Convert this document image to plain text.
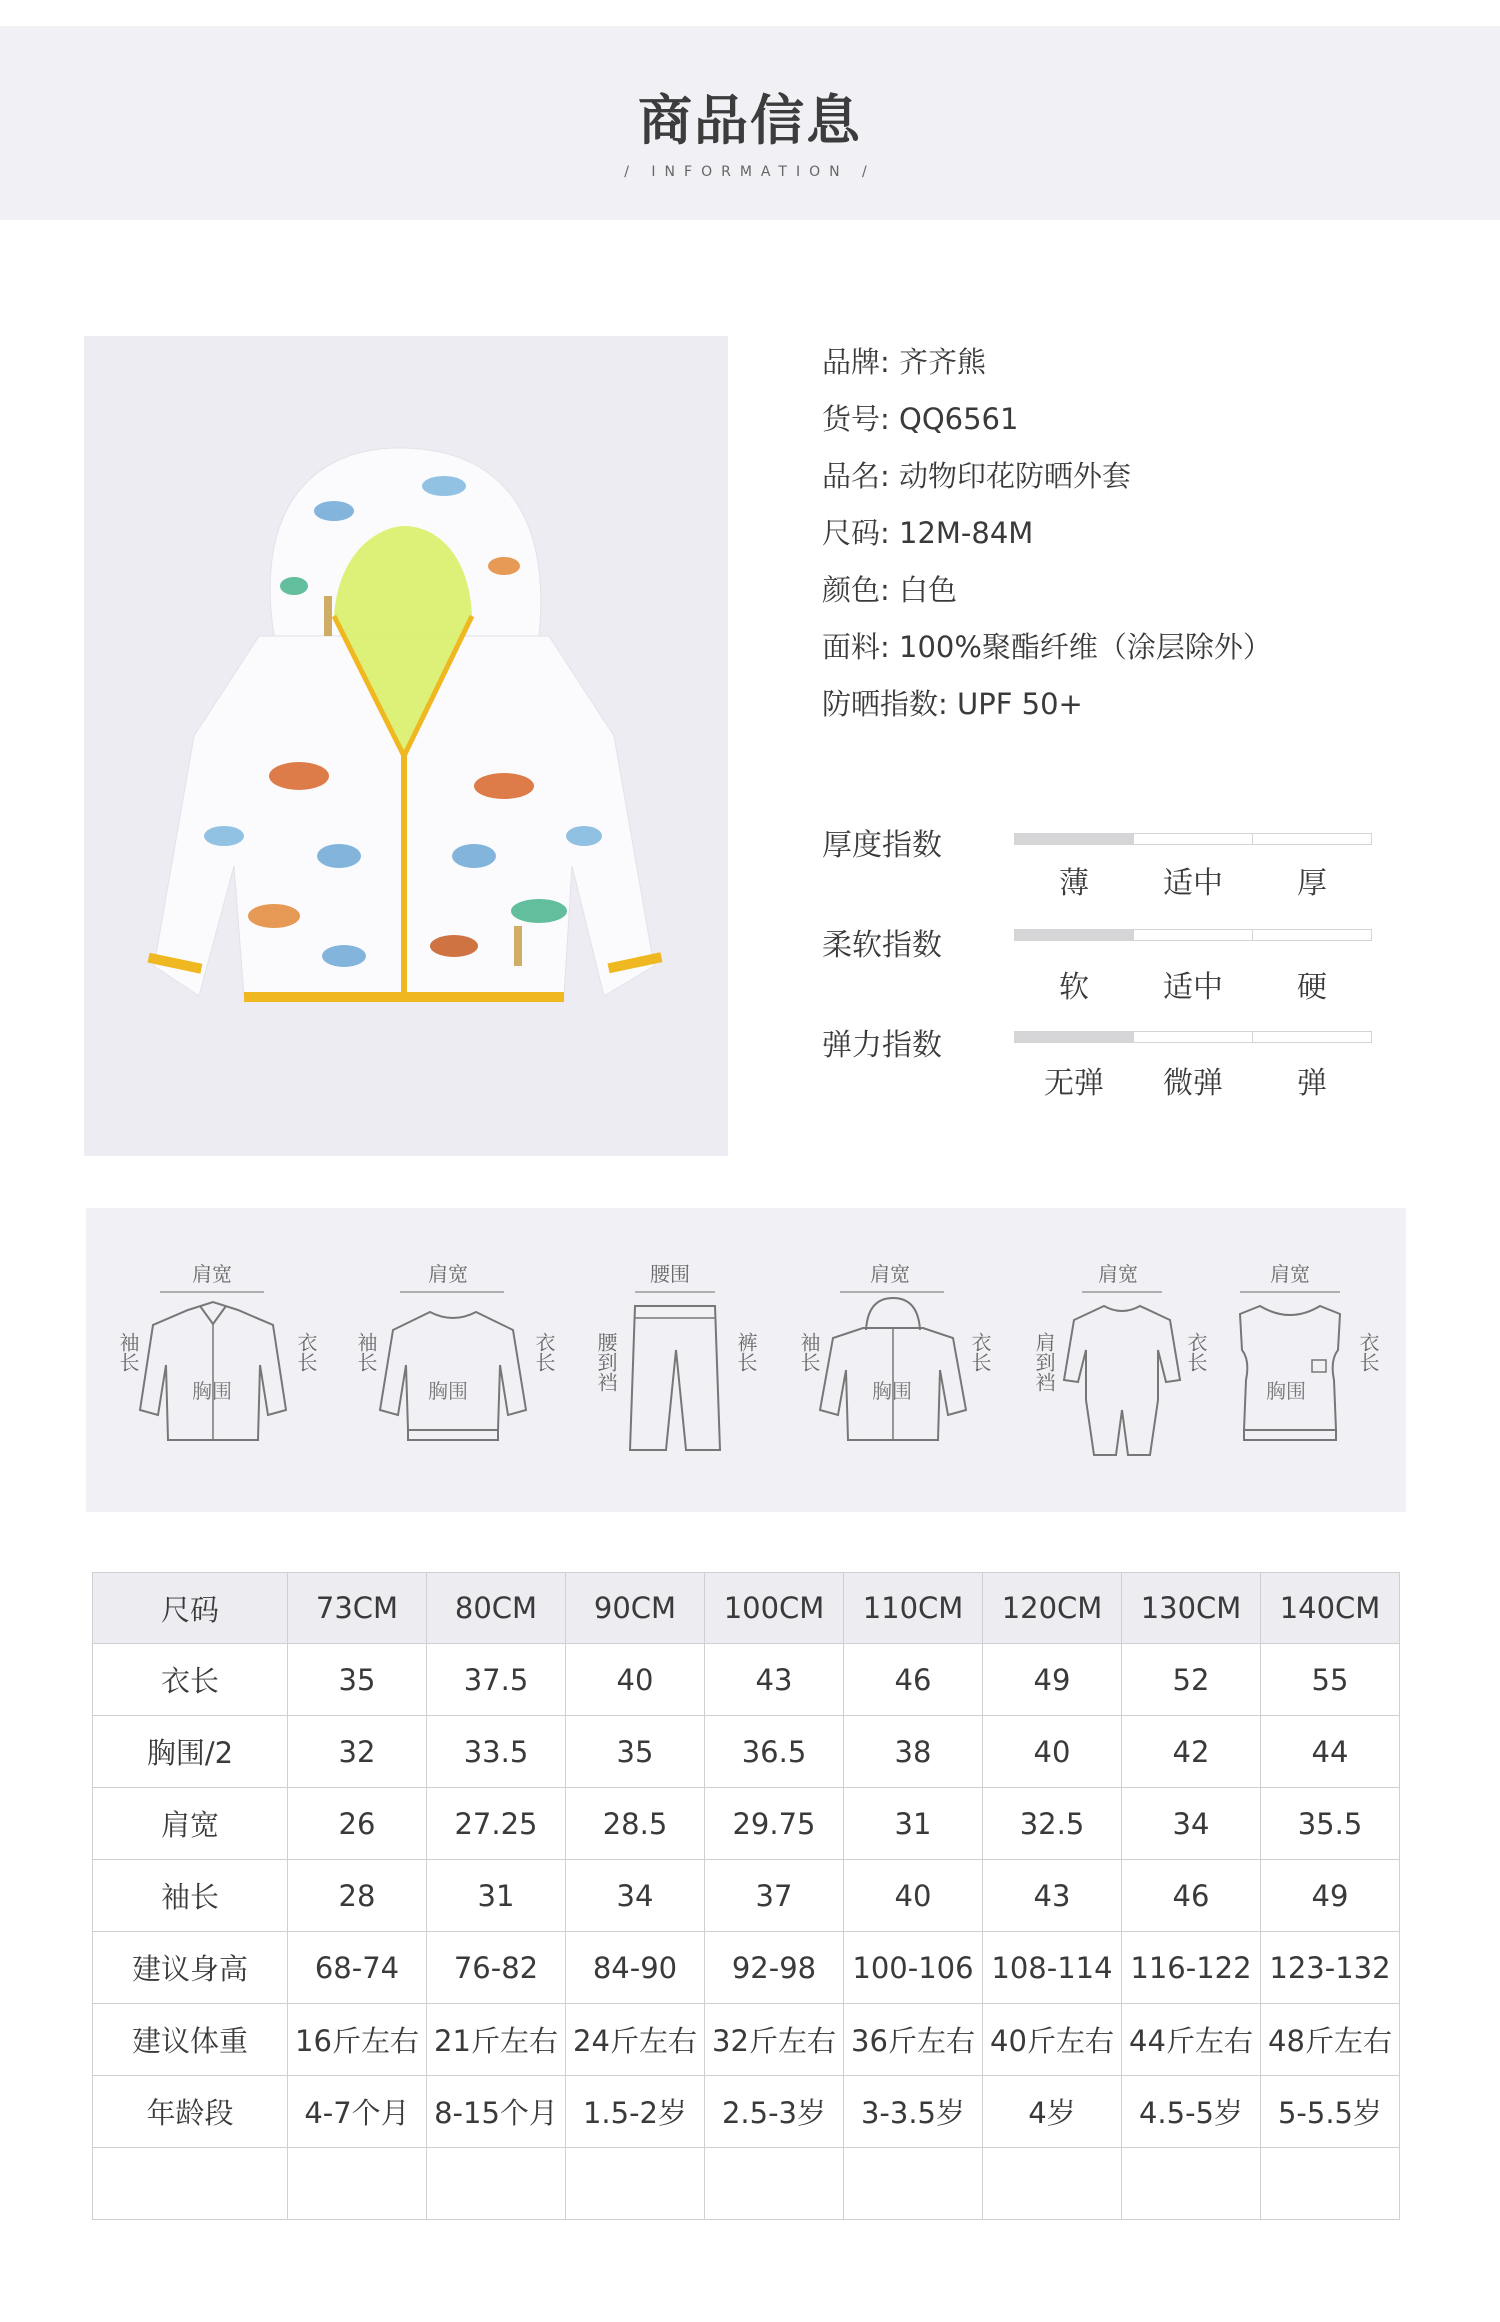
商品信息
/ INFORMATION /
品牌: 齐齐熊
货号: QQ6561
品名: 动物印花防晒外套
尺码: 12M-84M
颜色: 白色
面料: 100%聚酯纤维（涂层除外）
防晒指数: UPF 50+
厚度指数
薄	适中	厚
柔软指数
软	适中	硬
弹力指数
无弹	微弹	弹
肩宽
袖长	衣长
胸围
肩宽
袖长	衣长
胸围
腰围
腰到裆	裤长
肩宽
袖长	衣长
胸围
肩宽
肩到裆	衣长
肩宽
衣长
胸围
尺码	73CM	80CM	90CM	100CM	110CM	120CM	130CM	140CM
衣长	35	37.5	40	43	46	49	52	55
胸围/2	32	33.5	35	36.5	38	40	42	44
肩宽	26	27.25	28.5	29.75	31	32.5	34	35.5
袖长	28	31	34	37	40	43	46	49
建议身高	68-74	76-82	84-90	92-98	100-106	108-114	116-122	123-132
建议体重	16斤左右	21斤左右	24斤左右	32斤左右	36斤左右	40斤左右	44斤左右	48斤左右
年龄段	4-7个月	8-15个月	1.5-2岁	2.5-3岁	3-3.5岁	4岁	4.5-5岁	5-5.5岁
